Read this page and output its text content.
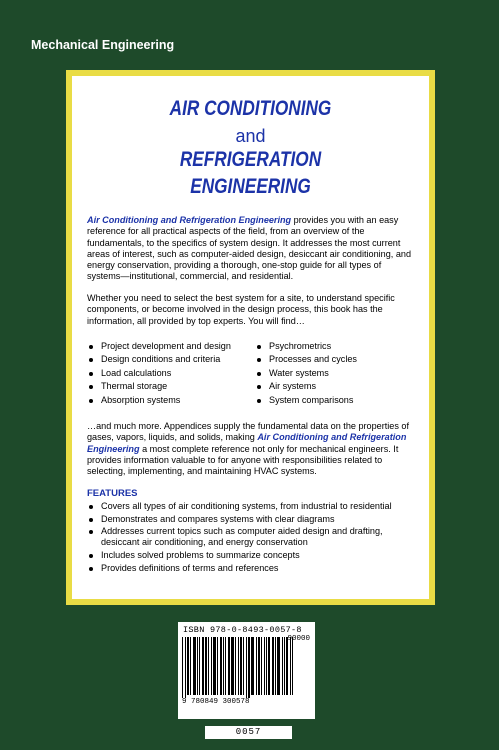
Mechanical Engineering
AIR CONDITIONING
and
REFRIGERATION
ENGINEERING
Air Conditioning and Refrigeration Engineering provides you with an easy reference for all practical aspects of the field, from an overview of the fundamentals, to the specifics of system design. It addresses the most current areas of interest, such as computer-aided design, desiccant air conditioning, and energy conservation, providing a thorough, one-stop guide for all types of systems—institutional, commercial, and residential.
Whether you need to select the best system for a site, to understand specific components, or become involved in the design process, this book has the information, all provided by top experts. You will find…
Project development and design
Design conditions and criteria
Load calculations
Thermal storage
Absorption systems
Psychrometrics
Processes and cycles
Water systems
Air systems
System comparisons
…and much more. Appendices supply the fundamental data on the properties of gases, vapors, liquids, and solids, making Air Conditioning and Refrigeration Engineering a most complete reference not only for mechanical engineers. It provides information valuable to for anyone with responsibilities related to selecting, implementing, and maintaining HVAC systems.
FEATURES
Covers all types of air conditioning systems, from industrial to residential
Demonstrates and compares systems with clear diagrams
Addresses current topics such as computer aided design and drafting, desiccant air conditioning, and energy conservation
Includes solved problems to summarize concepts
Provides definitions of terms and references
ISBN 978-0-8493-0057-8
9 780849 300578
90000
0057
